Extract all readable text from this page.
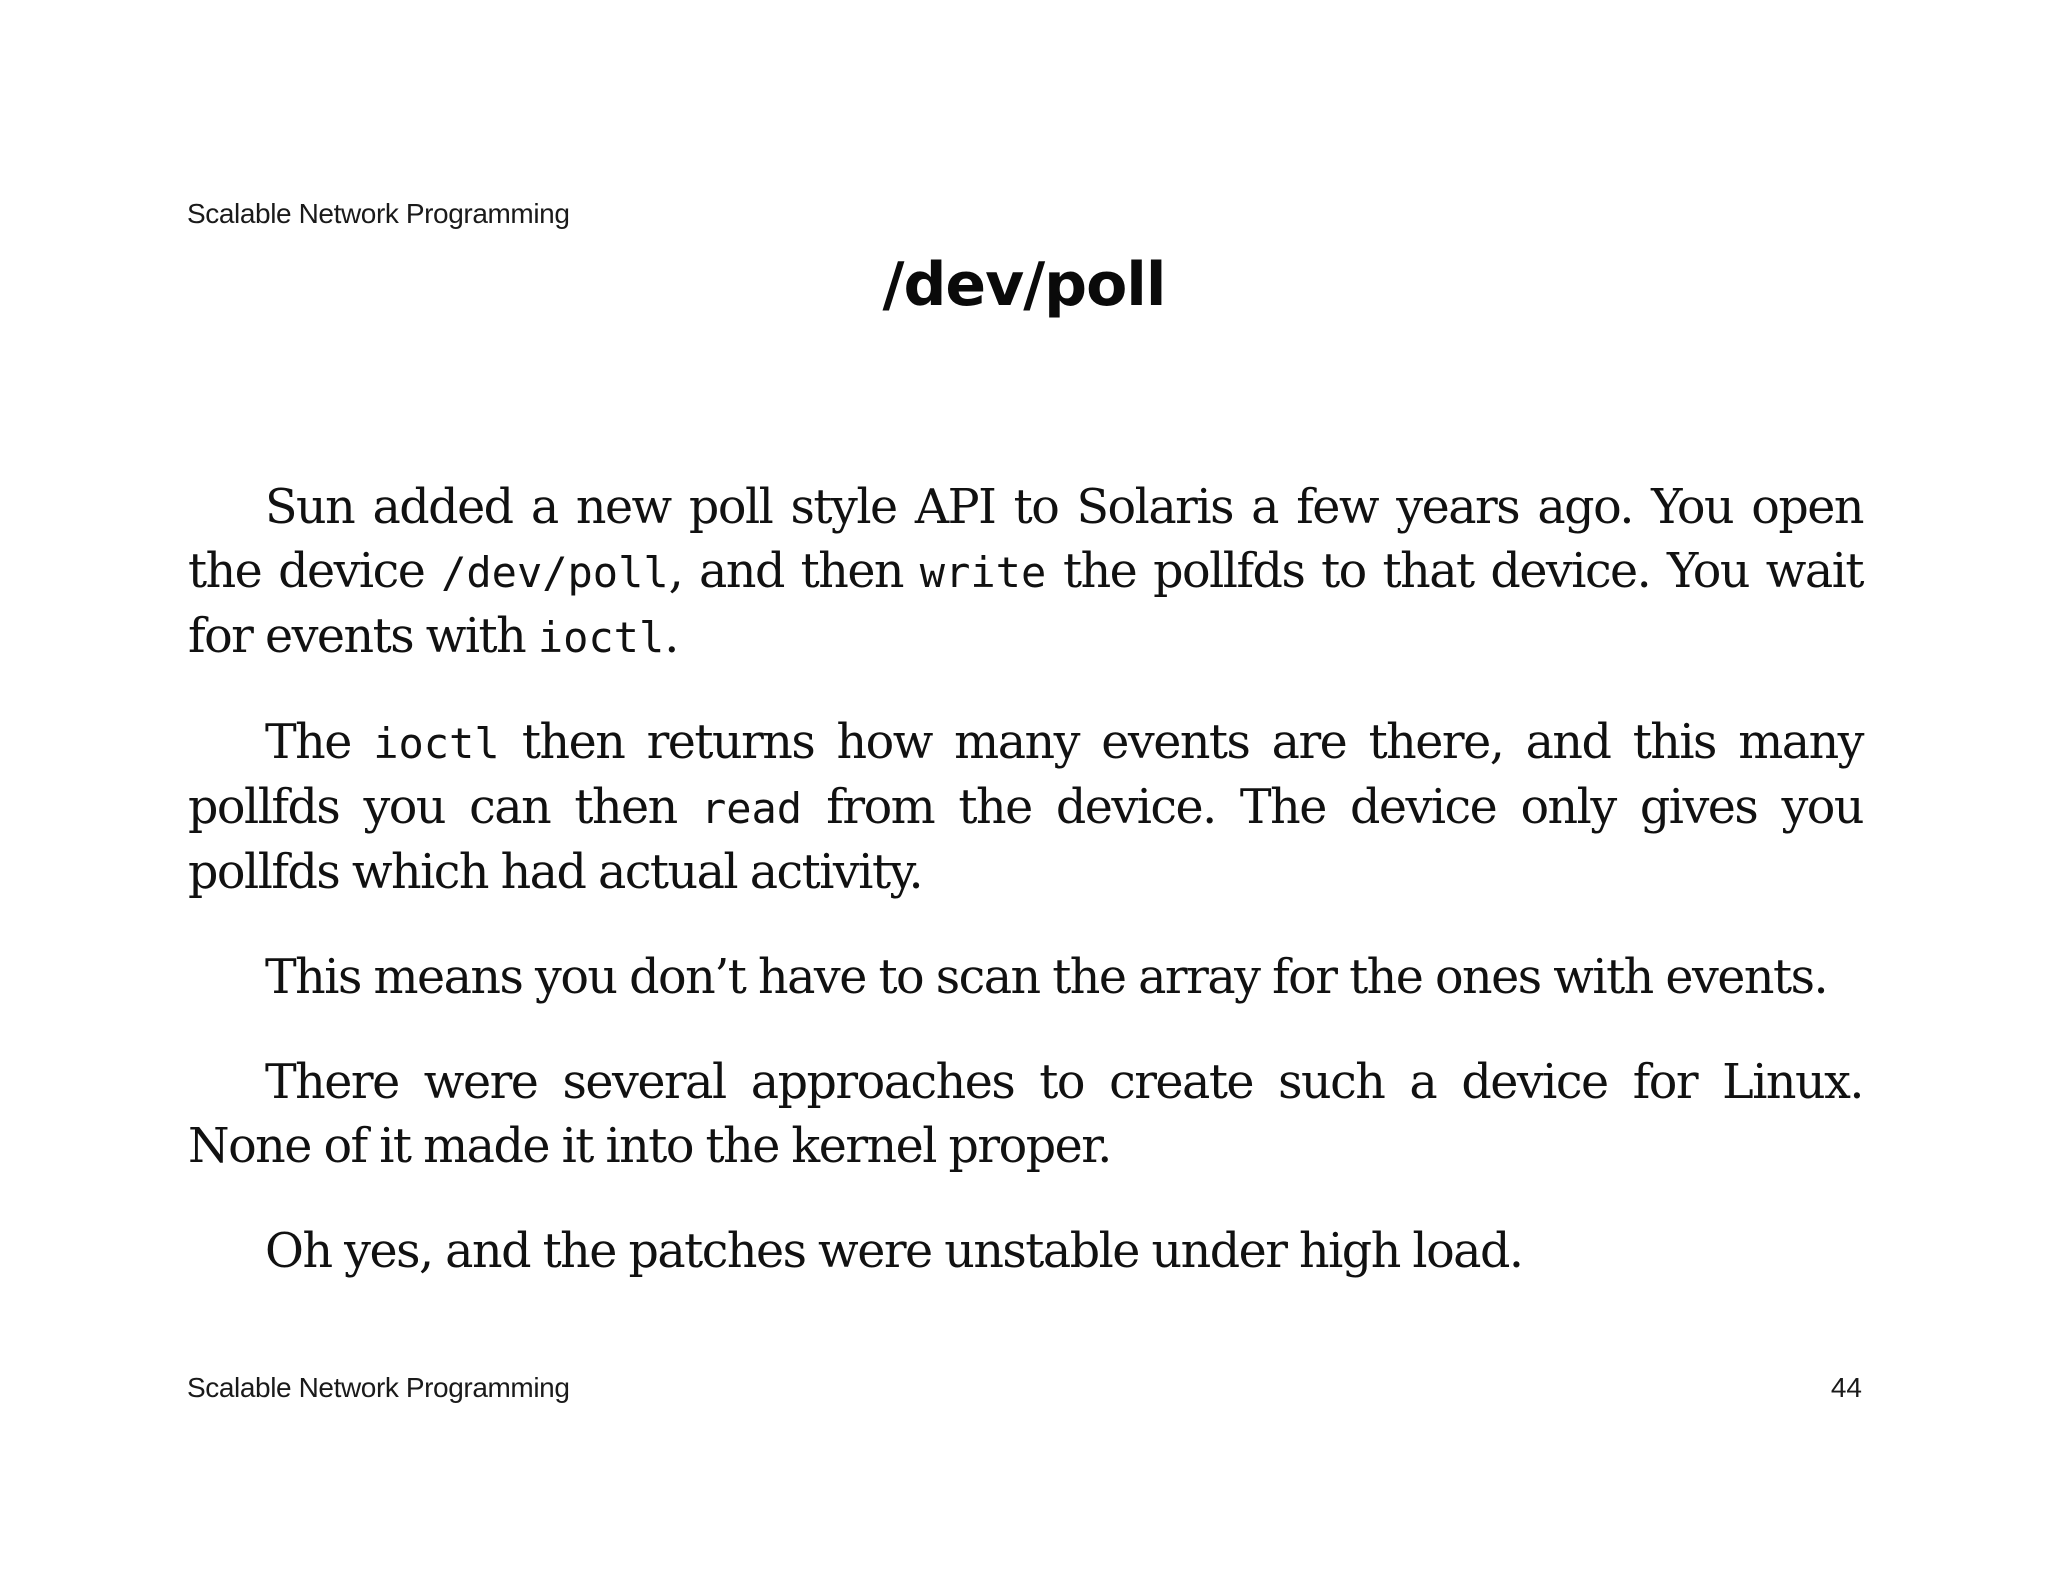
Scalable Network Programming
/dev/poll

Sun added a new poll style API to Solaris a few years ago. You open the device /dev/poll, and then write the pollfds to that device. You wait for events with ioctl.

The ioctl then returns how many events are there, and this many pollfds you can then read from the device. The device only gives you pollfds which had actual activity.

This means you don’t have to scan the array for the ones with events.

There were several approaches to create such a device for Linux. None of it made it into the kernel proper.

Oh yes, and the patches were unstable under high load.

Scalable Network Programming	44
